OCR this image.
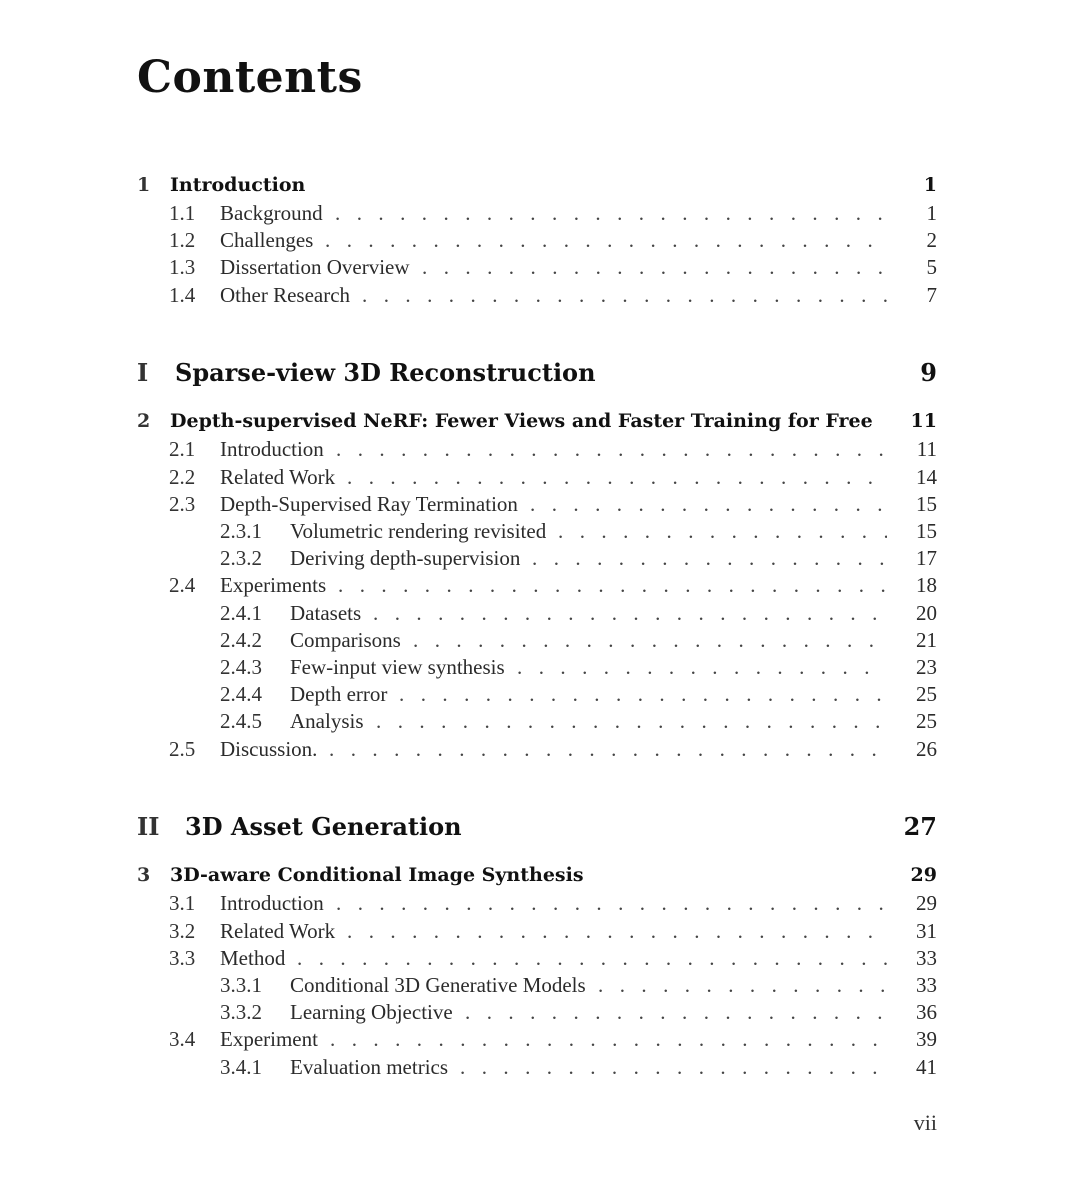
Contents
1 Introduction	1
1.1 Background . . .	1
1.2 Challenges . . .	2
1.3 Dissertation Overview . . .	5
1.4 Other Research . . .	7
I Sparse-view 3D Reconstruction	9
2 Depth-supervised NeRF: Fewer Views and Faster Training for Free 11
2.1 Introduction . . .	11
2.2 Related Work . . .	14
2.3 Depth-Supervised Ray Termination . . .	15
2.3.1 Volumetric rendering revisited . . .	15
2.3.2 Deriving depth-supervision . . .	17
2.4 Experiments . . .	18
2.4.1 Datasets . . .	20
2.4.2 Comparisons . . .	21
2.4.3 Few-input view synthesis . . .	23
2.4.4 Depth error . . .	25
2.4.5 Analysis . . .	25
2.5 Discussion. . . .	26
II 3D Asset Generation	27
3 3D-aware Conditional Image Synthesis	29
3.1 Introduction . . .	29
3.2 Related Work . . .	31
3.3 Method . . .	33
3.3.1 Conditional 3D Generative Models . . .	33
3.3.2 Learning Objective . . .	36
3.4 Experiment . . .	39
3.4.1 Evaluation metrics . . .	41
vii
